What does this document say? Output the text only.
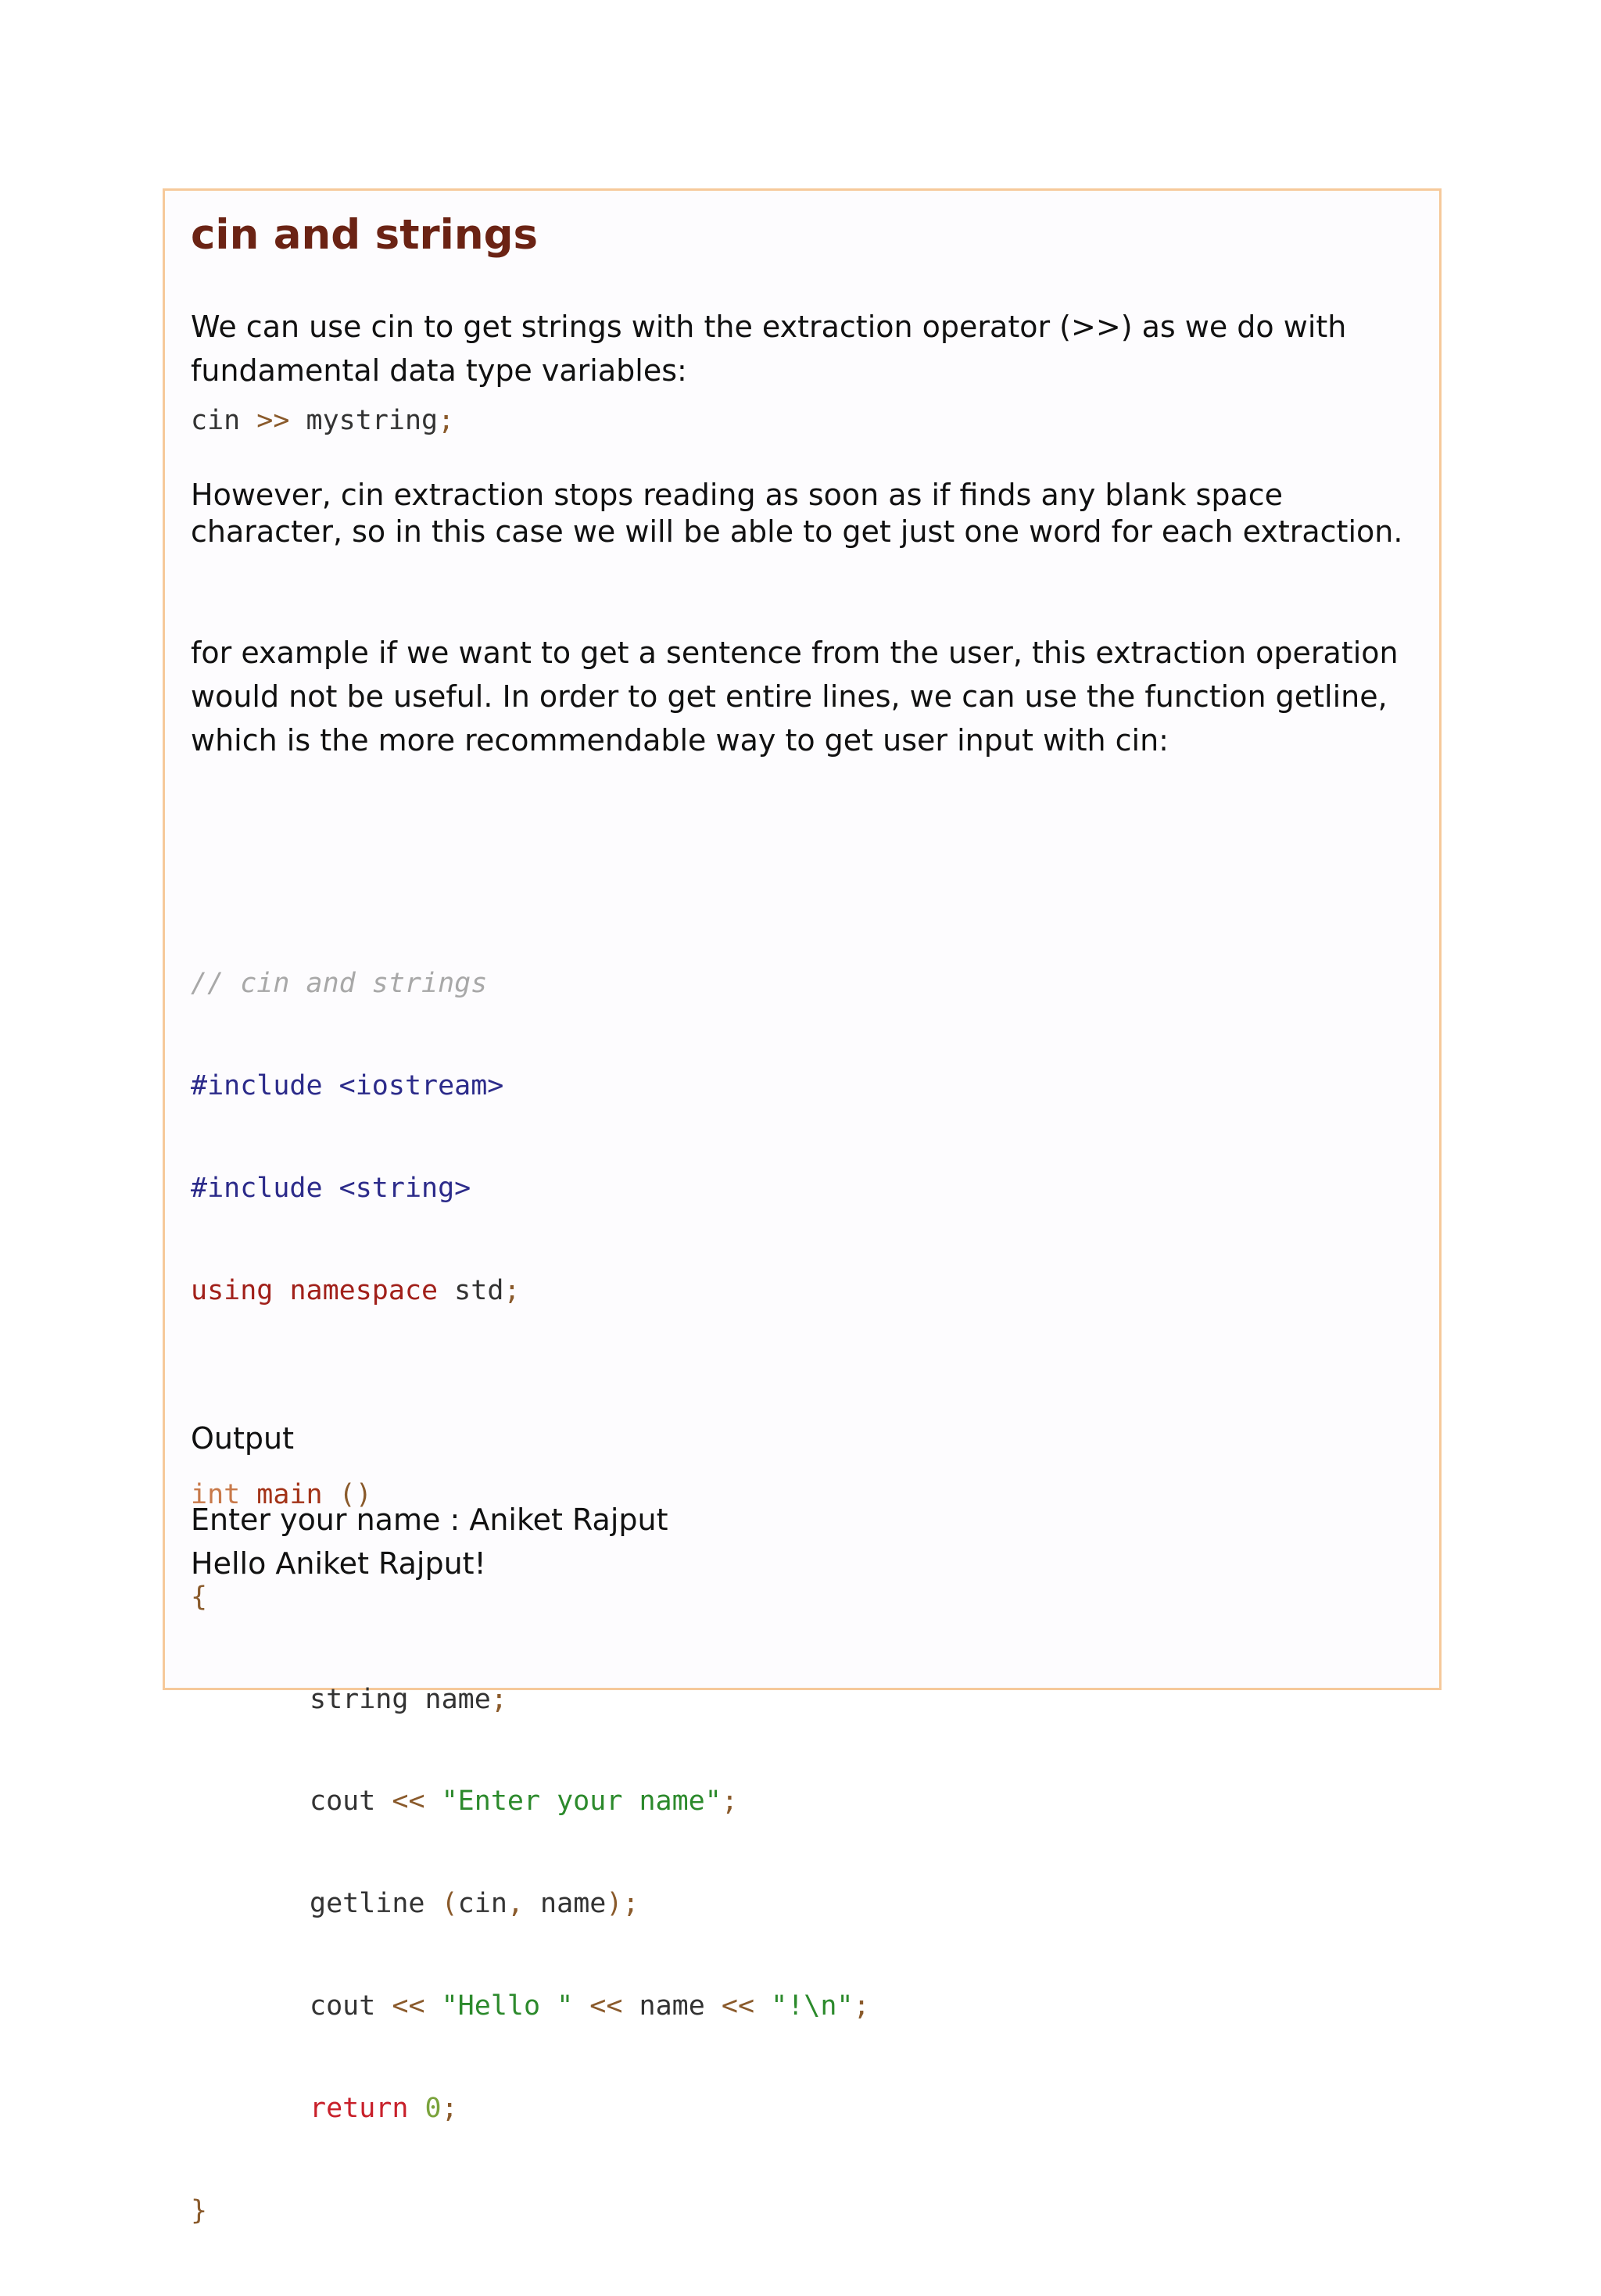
cin and strings

We can use cin to get strings with the extraction operator (>>) as we do with fundamental data type variables:

cin >> mystring;

However, cin extraction stops reading as soon as if finds any blank space character, so in this case we will be able to get just one word for each extraction.

for example if we want to get a sentence from the user, this extraction operation would not be useful. In order to get entire lines, we can use the function getline, which is the more recommendable way to get user input with cin:

// cin and strings

#include <iostream>

#include <string>

using namespace std;

int main ()

{

string name;

cout << "Enter your name";

getline (cin, name);

cout << "Hello " << name << "!\n";

return 0;

}

Output

Enter your name : Aniket Rajput
Hello Aniket Rajput!
